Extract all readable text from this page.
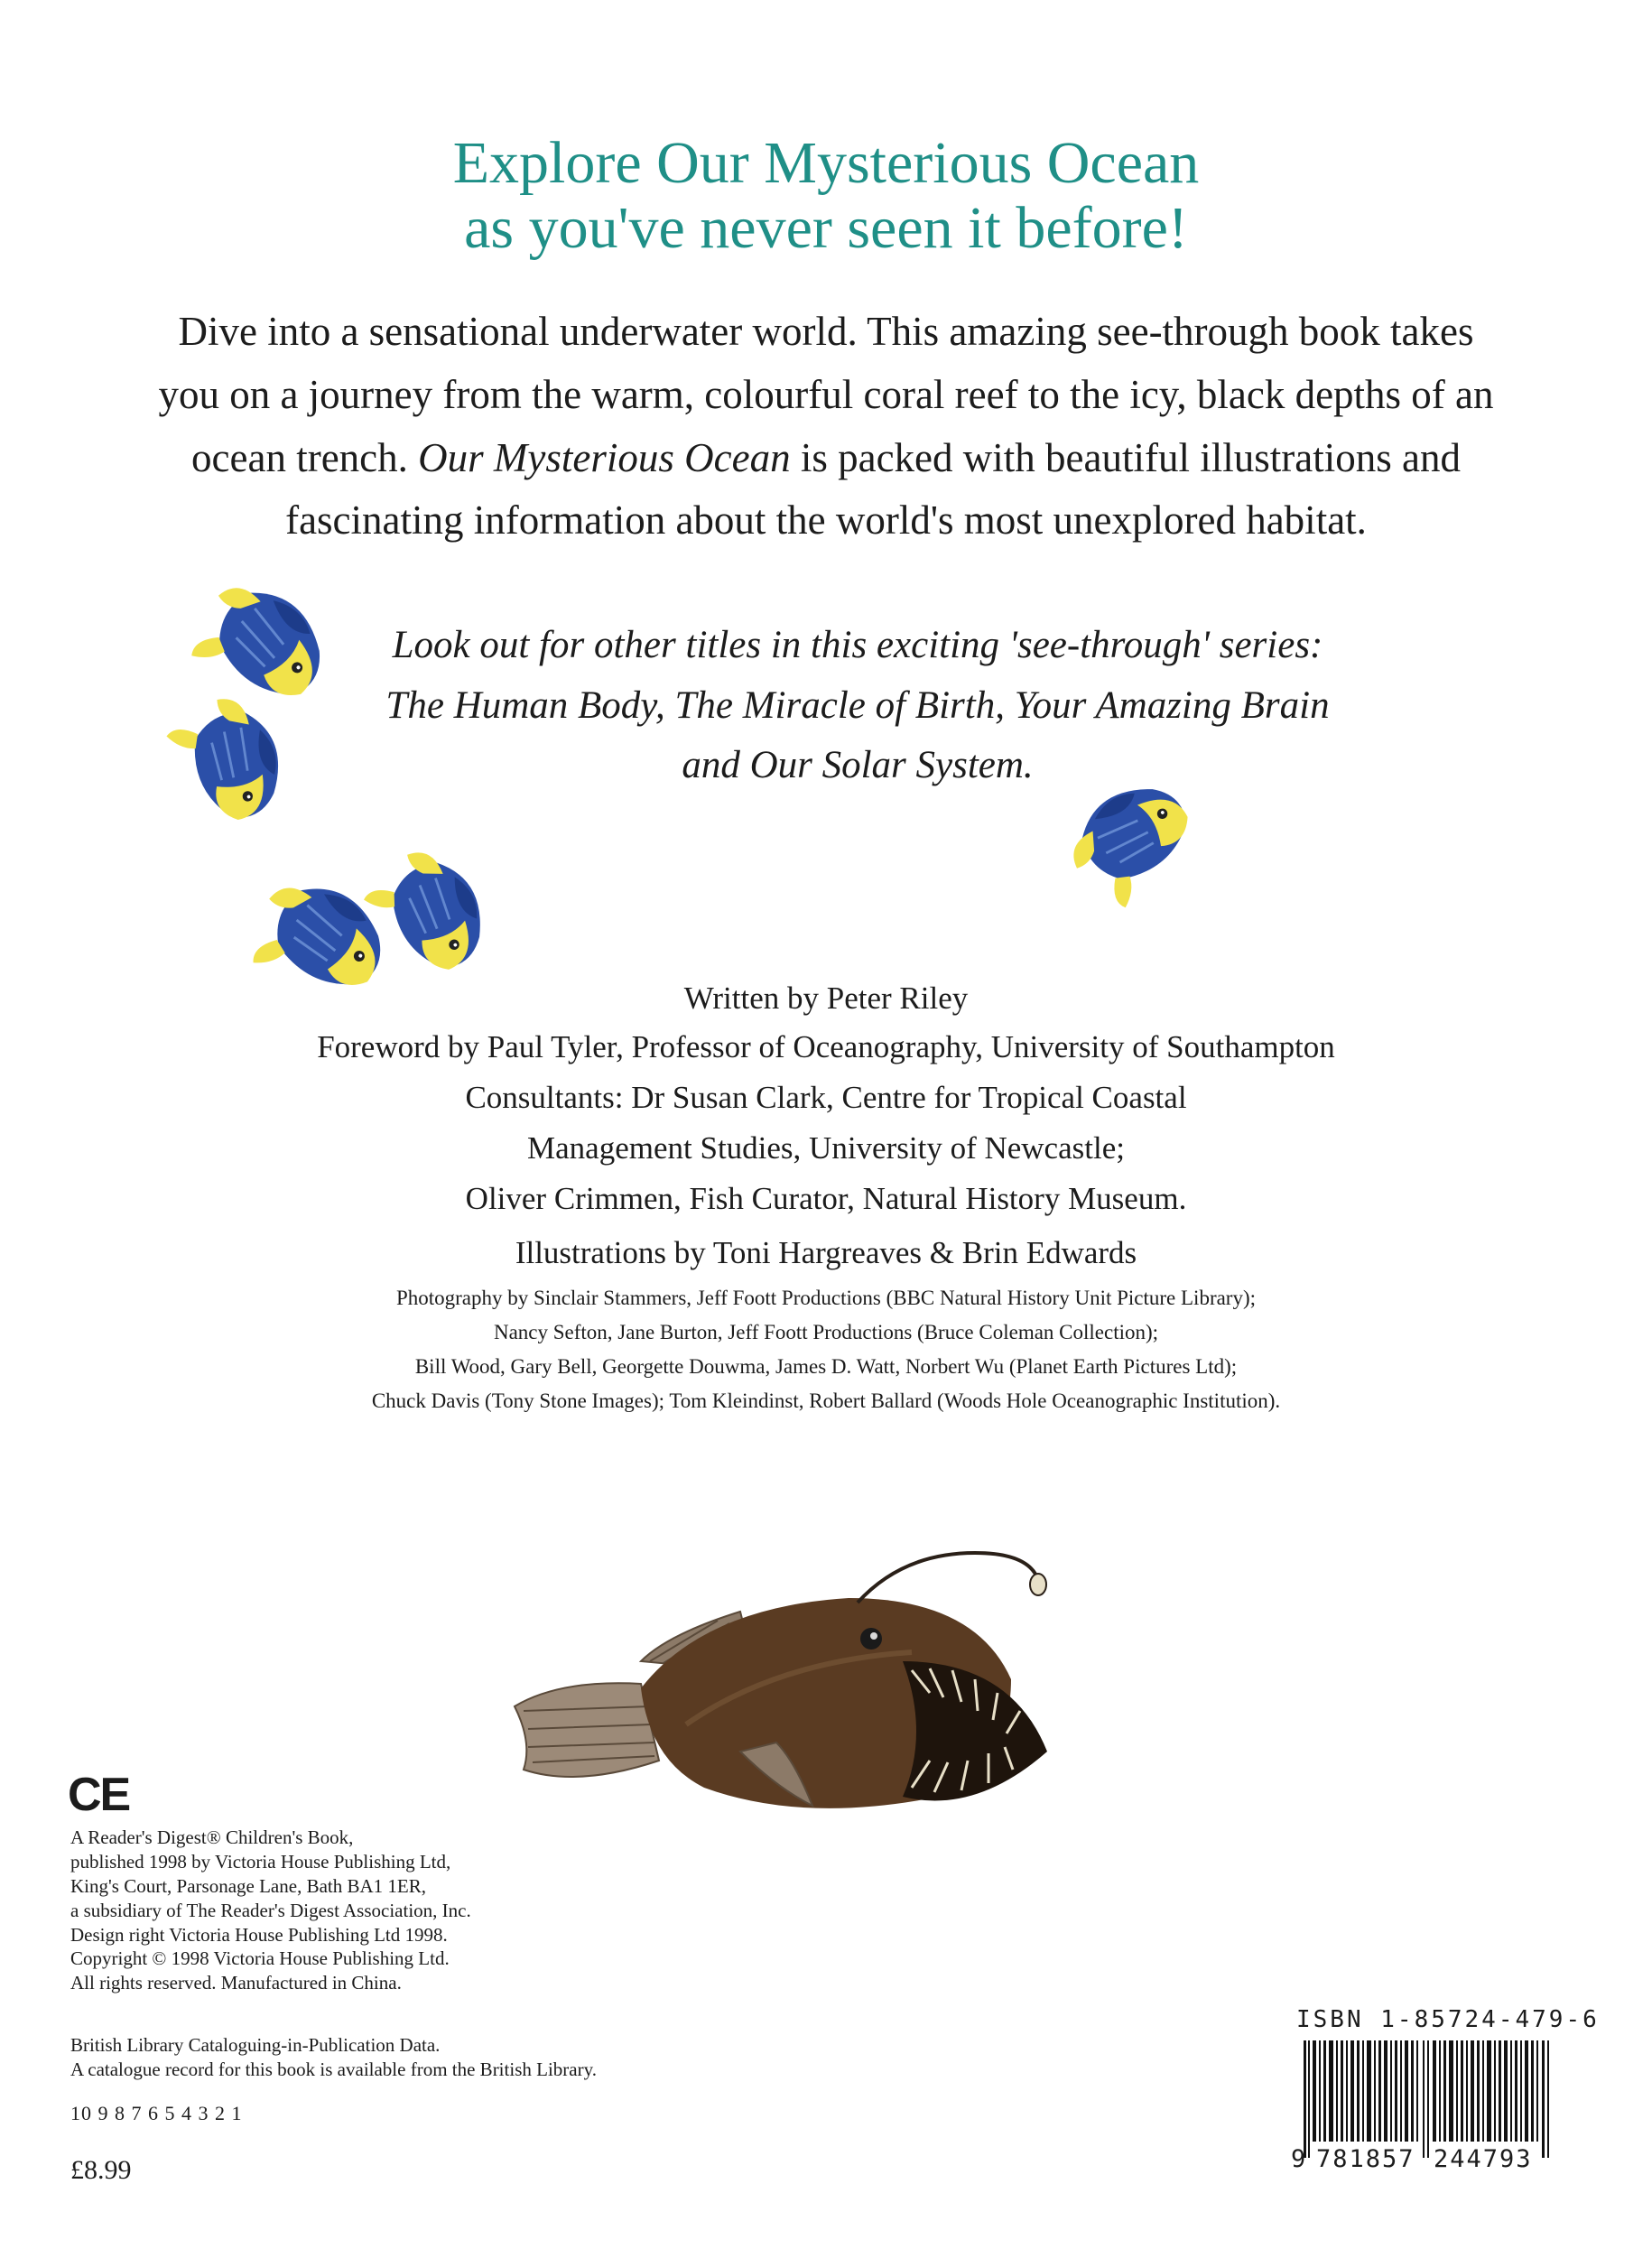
Explore Our Mysterious Ocean
as you've never seen it before!
Dive into a sensational underwater world. This amazing see-through book takes
you on a journey from the warm, colourful coral reef to the icy, black depths of an
ocean trench. Our Mysterious Ocean is packed with beautiful illustrations and
fascinating information about the world's most unexplored habitat.
Look out for other titles in this exciting 'see-through' series:
The Human Body, The Miracle of Birth, Your Amazing Brain
and Our Solar System.
Written by Peter Riley
Foreword by Paul Tyler, Professor of Oceanography, University of Southampton
Consultants: Dr Susan Clark, Centre for Tropical Coastal
Management Studies, University of Newcastle;
Oliver Crimmen, Fish Curator, Natural History Museum.
Illustrations by Toni Hargreaves & Brin Edwards
Photography by Sinclair Stammers, Jeff Foott Productions (BBC Natural History Unit Picture Library);
Nancy Sefton, Jane Burton, Jeff Foott Productions (Bruce Coleman Collection);
Bill Wood, Gary Bell, Georgette Douwma, James D. Watt, Norbert Wu (Planet Earth Pictures Ltd);
Chuck Davis (Tony Stone Images); Tom Kleindinst, Robert Ballard (Woods Hole Oceanographic Institution).
CE
A Reader's Digest® Children's Book,
published 1998 by Victoria House Publishing Ltd,
King's Court, Parsonage Lane, Bath BA1 1ER,
a subsidiary of The Reader's Digest Association, Inc.
Design right Victoria House Publishing Ltd 1998.
Copyright © 1998 Victoria House Publishing Ltd.
All rights reserved. Manufactured in China.
British Library Cataloguing-in-Publication Data.
A catalogue record for this book is available from the British Library.
10 9 8 7 6 5 4 3 2 1
£8.99
ISBN 1-85724-479-6
9 781857 244793
